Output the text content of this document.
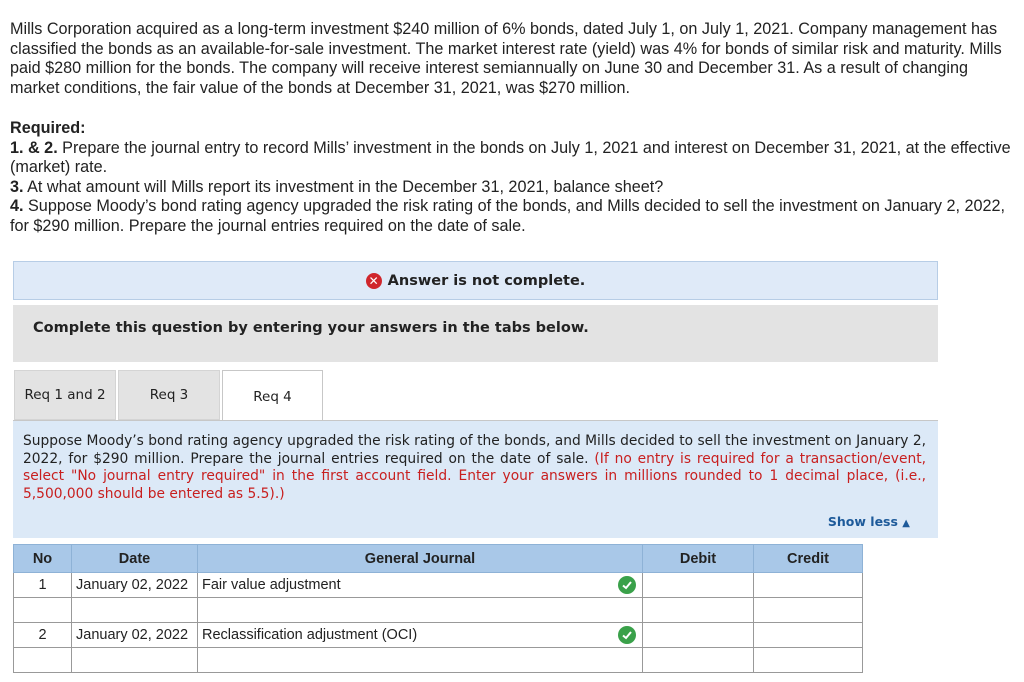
Mills Corporation acquired as a long-term investment $240 million of 6% bonds, dated July 1, on July 1, 2021. Company management has classified the bonds as an available-for-sale investment. The market interest rate (yield) was 4% for bonds of similar risk and maturity. Mills paid $280 million for the bonds. The company will receive interest semiannually on June 30 and December 31. As a result of changing market conditions, the fair value of the bonds at December 31, 2021, was $270 million.

Required:
1. & 2. Prepare the journal entry to record Mills’ investment in the bonds on July 1, 2021 and interest on December 31, 2021, at the effective (market) rate.
3. At what amount will Mills report its investment in the December 31, 2021, balance sheet?
4. Suppose Moody’s bond rating agency upgraded the risk rating of the bonds, and Mills decided to sell the investment on January 2, 2022, for $290 million. Prepare the journal entries required on the date of sale.
✕ Answer is not complete.
Complete this question by entering your answers in the tabs below.
Req 1 and 2	Req 3	Req 4
Suppose Moody’s bond rating agency upgraded the risk rating of the bonds, and Mills decided to sell the investment on January 2, 2022, for $290 million. Prepare the journal entries required on the date of sale. (If no entry is required for a transaction/event, select "No journal entry required" in the first account field. Enter your answers in millions rounded to 1 decimal place, (i.e., 5,500,000 should be entered as 5.5).)
Show less ▲
No	Date	General Journal	Debit	Credit
1	January 02, 2022	Fair value adjustment

2	January 02, 2022	Reclassification adjustment (OCI)
